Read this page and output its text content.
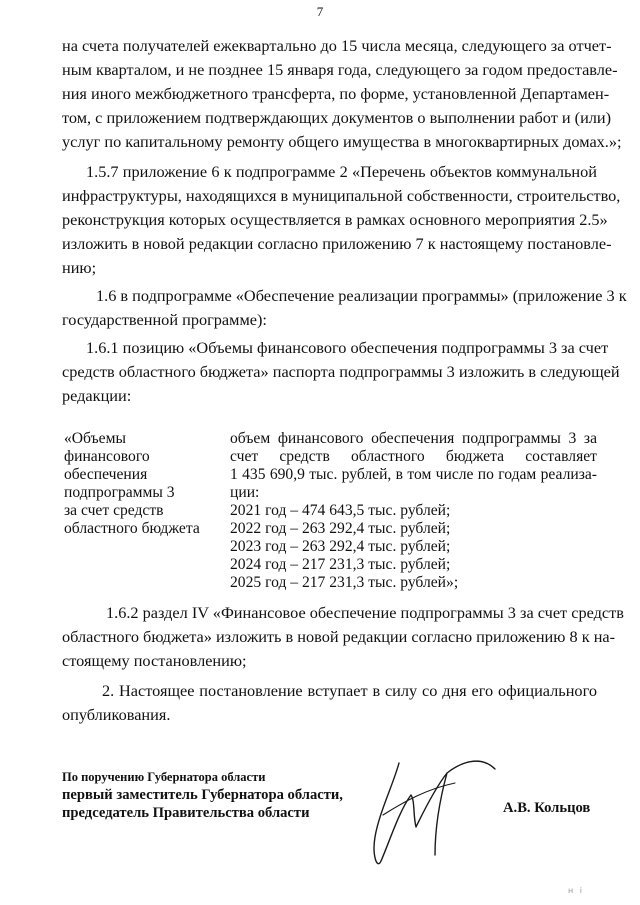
7
на счета получателей ежеквартально до 15 числа месяца, следующего за отчет-
ным кварталом, и не позднее 15 января года, следующего за годом предоставле-
ния иного межбюджетного трансферта, по форме, установленной Департамен-
том, с приложением подтверждающих документов о выполнении работ и (или)
услуг по капитальному ремонту общего имущества в многоквартирных домах.»;
1.5.7 приложение 6 к подпрограмме 2 «Перечень объектов коммунальной
инфраструктуры, находящихся в муниципальной собственности, строительство,
реконструкция которых осуществляется в рамках основного мероприятия 2.5»
изложить в новой редакции согласно приложению 7 к настоящему постановле-
нию;
1.6 в подпрограмме «Обеспечение реализации программы» (приложение 3 к
государственной программе):
1.6.1 позицию «Объемы финансового обеспечения подпрограммы 3 за счет
средств областного бюджета» паспорта подпрограммы 3 изложить в следующей
редакции:
«Объемы
финансового
обеспечения
подпрограммы 3
за счет средств
областного бюджета
объем финансового обеспечения подпрограммы 3 за
счет средств областного бюджета составляет
1 435 690,9 тыс. рублей, в том числе по годам реализа-
ции:
2021 год – 474 643,5 тыс. рублей;
2022 год – 263 292,4 тыс. рублей;
2023 год – 263 292,4 тыс. рублей;
2024 год – 217 231,3 тыс. рублей;
2025 год – 217 231,3 тыс. рублей»;
1.6.2 раздел IV «Финансовое обеспечение подпрограммы 3 за счет средств
областного бюджета» изложить в новой редакции согласно приложению 8 к на-
стоящему постановлению;
2. Настоящее постановление вступает в силу со дня его официального
опубликования.
По поручению Губернатора области
первый заместитель Губернатора области,
председатель Правительства области	А.В. Кольцов
н і
